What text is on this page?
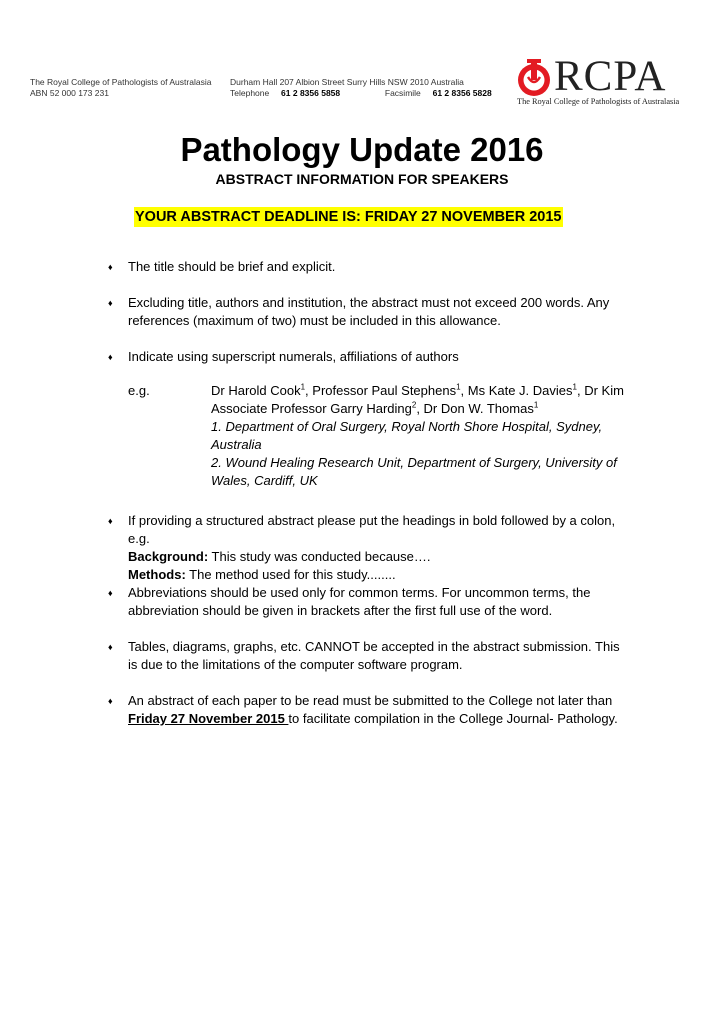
The Royal College of Pathologists of Australasia
ABN 52 000 173 231
Durham Hall 207 Albion Street Surry Hills NSW 2010 Australia
Telephone 61 2 8356 5858	Facsimile 61 2 8356 5828 RCPA
The Royal College of Pathologists of Australasia
Pathology Update 2016
ABSTRACT INFORMATION FOR SPEAKERS
YOUR ABSTRACT DEADLINE IS: FRIDAY 27 NOVEMBER 2015
♦ The title should be brief and explicit.
♦ Excluding title, authors and institution, the abstract must not exceed 200 words. Any references (maximum of two) must be included in this allowance.
♦ Indicate using superscript numerals, affiliations of authors
e.g.	Dr Harold Cook$^1$, Professor Paul Stephens$^1$, Ms Kate J. Davies$^1$, Dr Kim Associate Professor Garry Harding$^2$, Dr Don W. Thomas$^1$
1. Department of Oral Surgery, Royal North Shore Hospital, Sydney, Australia
2. Wound Healing Research Unit, Department of Surgery, University of Wales, Cardiff, UK
♦ If providing a structured abstract please put the headings in bold followed by a colon, e.g.
Background: This study was conducted because….
Methods: The method used for this study........
♦ Abbreviations should be used only for common terms. For uncommon terms, the abbreviation should be given in brackets after the first full use of the word.
♦ Tables, diagrams, graphs, etc. CANNOT be accepted in the abstract submission. This is due to the limitations of the computer software program.
♦ An abstract of each paper to be read must be submitted to the College not later than Friday 27 November 2015 to facilitate compilation in the College Journal- Pathology.
